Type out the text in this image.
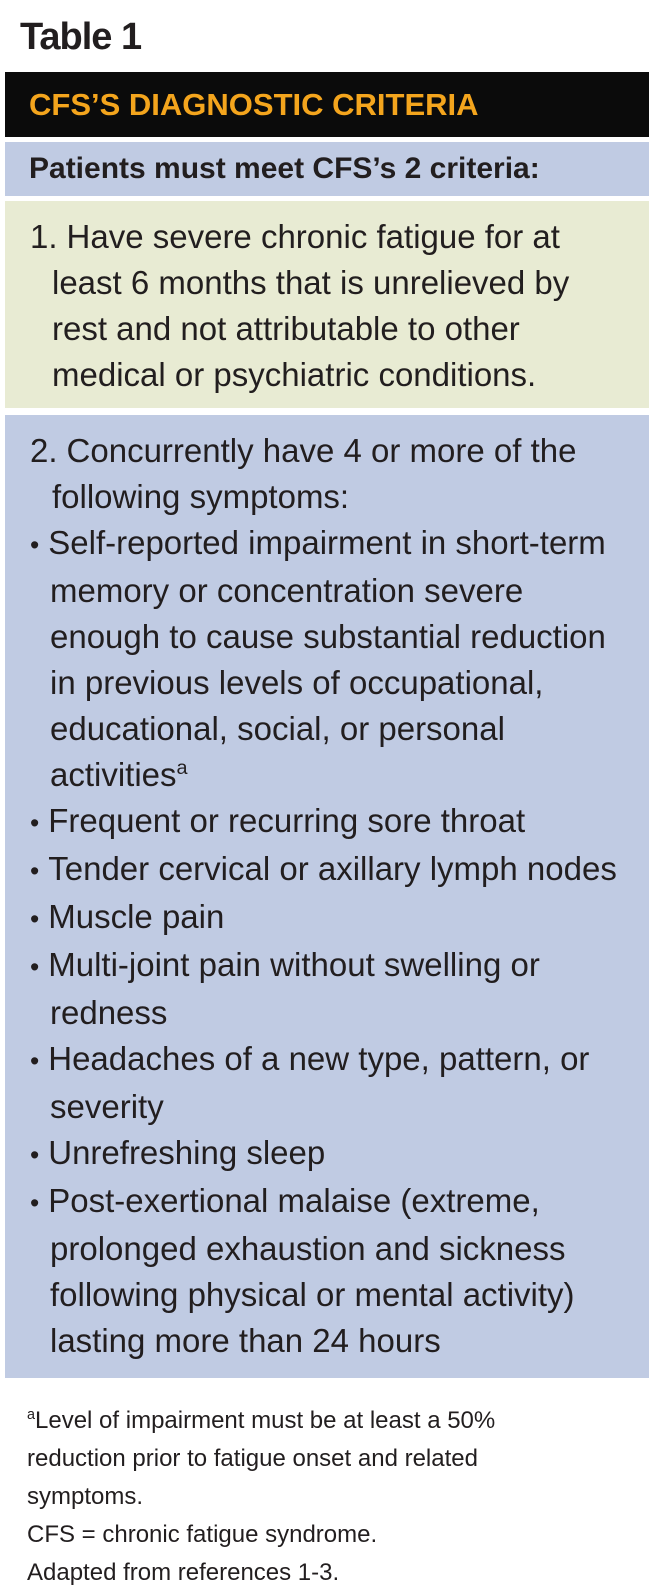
Table 1
CFS’S DIAGNOSTIC CRITERIA
Patients must meet CFS’s 2 criteria:
1. Have severe chronic fatigue for at least 6 months that is unrelieved by rest and not attributable to other medical or psychiatric conditions.
2. Concurrently have 4 or more of the following symptoms:
• Self-reported impairment in short-term memory or concentration severe enough to cause substantial reduction in previous levels of occupational, educational, social, or personal activities$^a$
• Frequent or recurring sore throat
• Tender cervical or axillary lymph nodes
• Muscle pain
• Multi-joint pain without swelling or redness
• Headaches of a new type, pattern, or severity
• Unrefreshing sleep
• Post-exertional malaise (extreme, prolonged exhaustion and sickness following physical or mental activity) lasting more than 24 hours
$^a$Level of impairment must be at least a 50% reduction prior to fatigue onset and related symptoms.
CFS = chronic fatigue syndrome.
Adapted from references 1-3.
